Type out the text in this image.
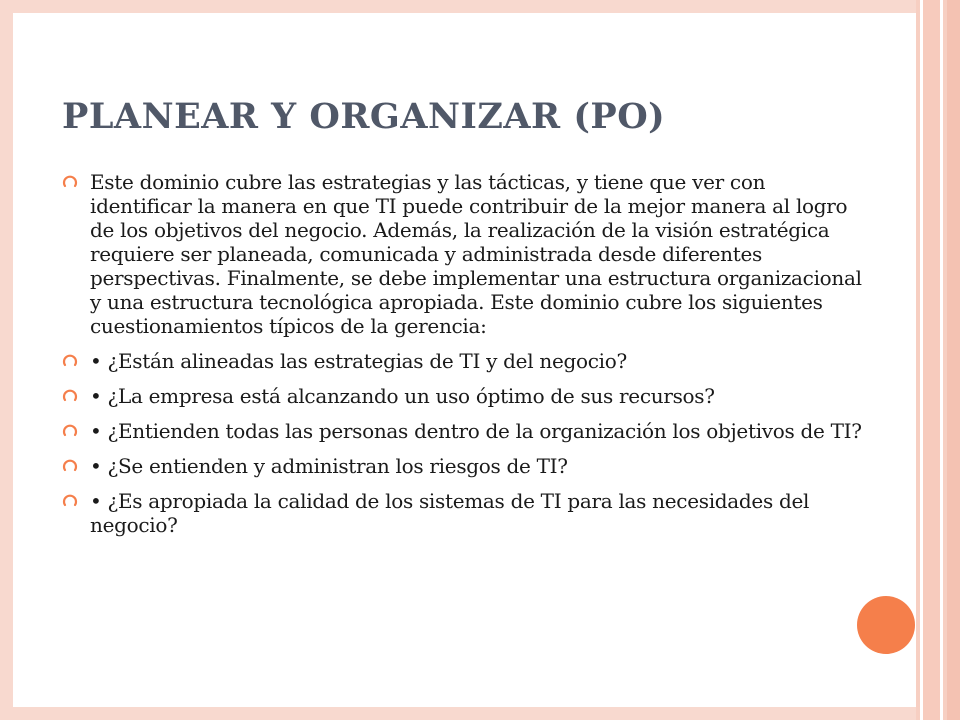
PLANEAR Y ORGANIZAR (PO)
Este dominio cubre las estrategias y las tácticas, y tiene que ver con identificar la manera en que TI puede contribuir de la mejor manera al logro de los objetivos del negocio. Además, la realización de la visión estratégica requiere ser planeada, comunicada y administrada desde diferentes perspectivas. Finalmente, se debe implementar una estructura organizacional y una estructura tecnológica apropiada. Este dominio cubre los siguientes cuestionamientos típicos de la gerencia:
• ¿Están alineadas las estrategias de TI y del negocio?
• ¿La empresa está alcanzando un uso óptimo de sus recursos?
• ¿Entienden todas las personas dentro de la organización los objetivos de TI?
• ¿Se entienden y administran los riesgos de TI?
• ¿Es apropiada la calidad de los sistemas de TI para las necesidades del negocio?
